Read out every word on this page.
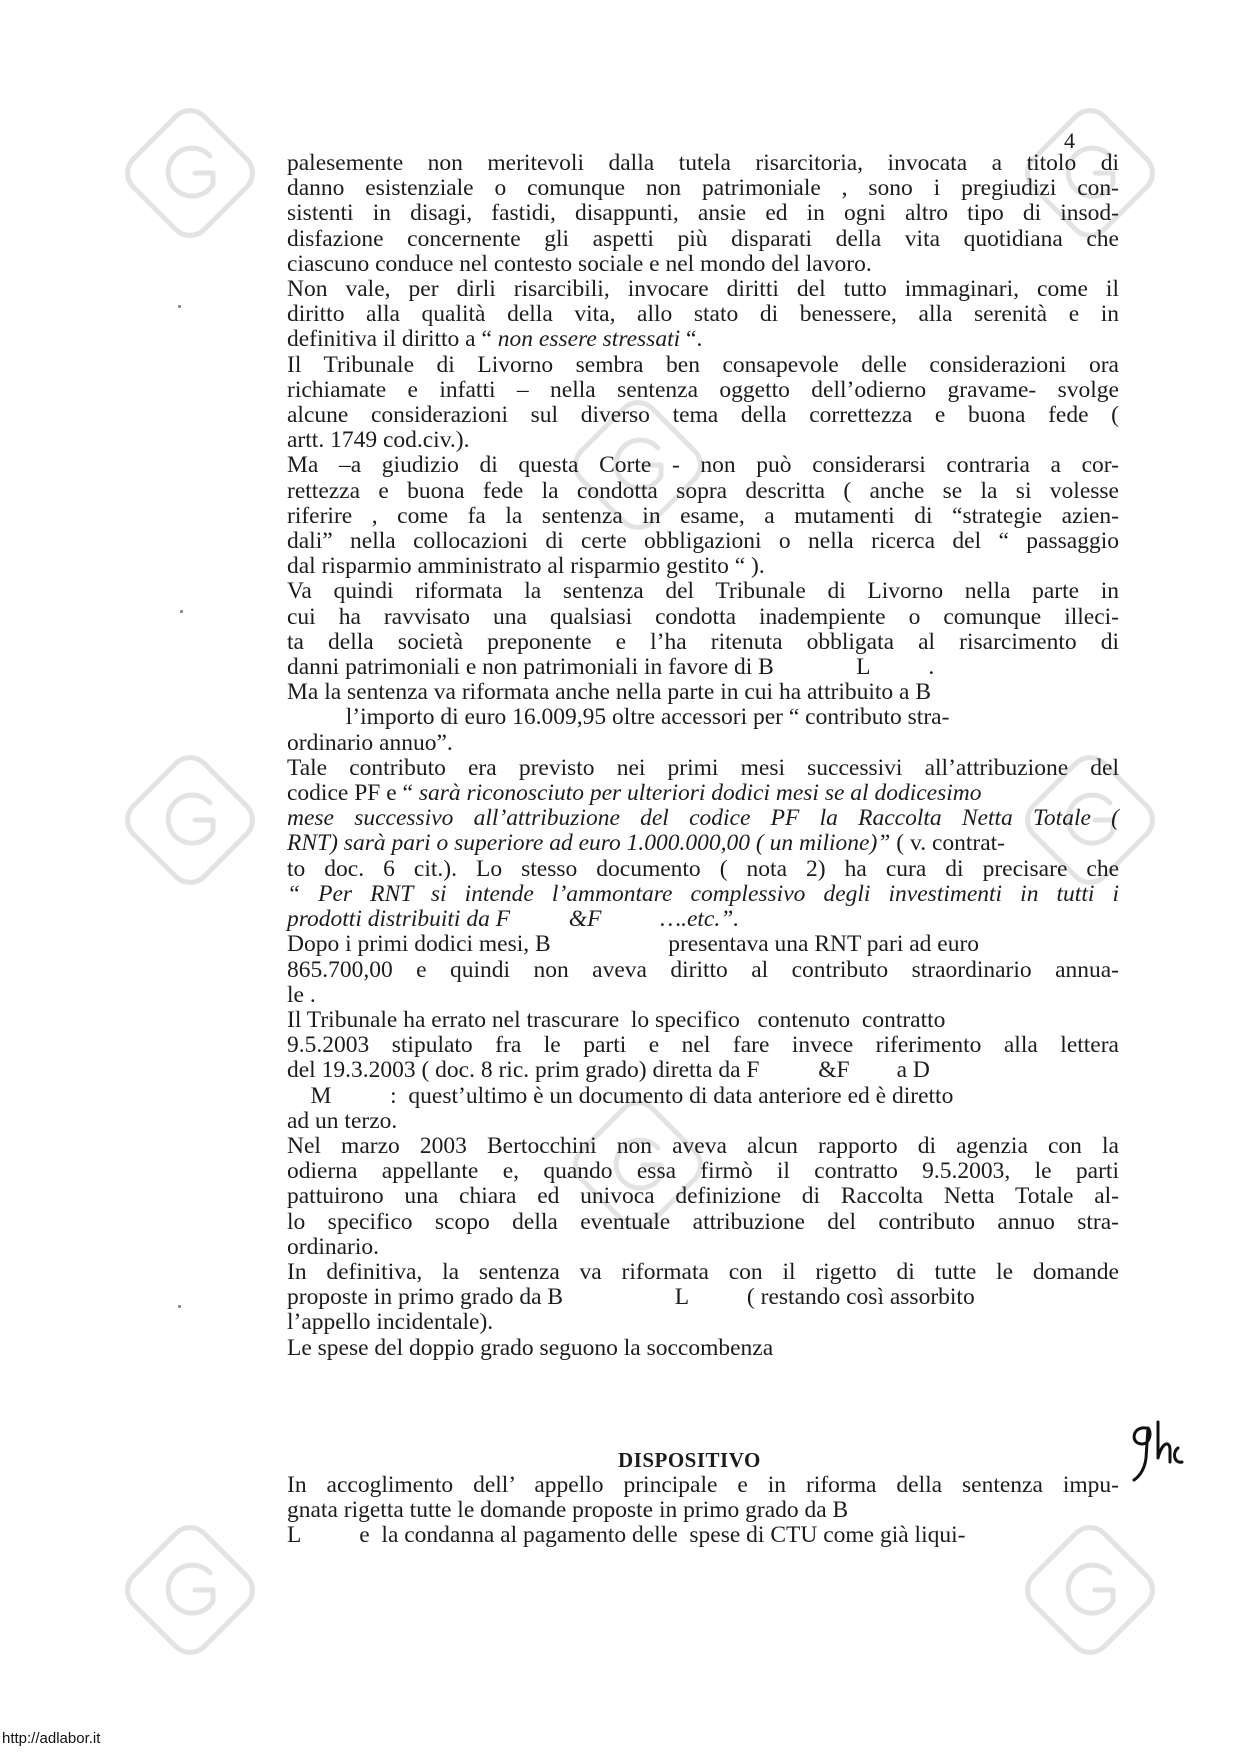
4

palesemente non meritevoli dalla tutela risarcitoria, invocata a titolo di
danno esistenziale o comunque non patrimoniale , sono i pregiudizi con-
sistenti in disagi, fastidi, disappunti, ansie ed in ogni altro tipo di insod-
disfazione concernente gli aspetti più disparati della vita quotidiana che
ciascuno conduce nel contesto sociale e nel mondo del lavoro.

Non vale, per dirli risarcibili, invocare diritti del tutto immaginari, come il
diritto alla qualità della vita, allo stato di benessere, alla serenità e in
definitiva il diritto a “ non essere stressati “.

Il Tribunale di Livorno sembra ben consapevole delle considerazioni ora
richiamate e infatti – nella sentenza oggetto dell’odierno gravame- svolge
alcune considerazioni sul diverso tema della correttezza e buona fede (
artt. 1749 cod.civ.).

Ma –a giudizio di questa Corte - non può considerarsi contraria a cor-
rettezza e buona fede la condotta sopra descritta ( anche se la si volesse
riferire , come fa la sentenza in esame, a mutamenti di “strategie azien-
dali” nella collocazioni di certe obbligazioni o nella ricerca del “ passaggio
dal risparmio amministrato al risparmio gestito “ ).

Va quindi riformata la sentenza del Tribunale di Livorno nella parte in
cui ha ravvisato una qualsiasi condotta inadempiente o comunque illeci-
ta della società preponente e l’ha ritenuta obbligata al risarcimento di
danni patrimoniali e non patrimoniali in favore di B              L          .

Ma la sentenza va riformata anche nella parte in cui ha attribuito a B
l’importo di euro 16.009,95 oltre accessori per “ contributo stra-
ordinario annuo”.

Tale contributo era previsto nei primi mesi successivi all’attribuzione del
codice PF e “ sarà riconosciuto per ulteriori dodici mesi se al dodicesimo
mese successivo all’attribuzione del codice PF la Raccolta Netta Totale (
RNT) sarà pari o superiore ad euro 1.000.000,00 ( un milione)” ( v. contrat-
to doc. 6 cit.). Lo stesso documento ( nota 2) ha cura di precisare che
“ Per RNT si intende l’ammontare complessivo degli investimenti in tutti i
prodotti distribuiti da F          &F          ….etc.”.

Dopo i primi dodici mesi, B                    presentava una RNT pari ad euro
865.700,00 e quindi non aveva diritto al contributo straordinario annua-
le .

Il Tribunale ha errato nel trascurare  lo specifico   contenuto  contratto
9.5.2003 stipulato fra le parti e nel fare invece riferimento alla lettera
del 19.3.2003 ( doc. 8 ric. prim grado) diretta da F          &F        a D
M          :  quest’ultimo è un documento di data anteriore ed è diretto
ad un terzo.

Nel marzo 2003 Bertocchini non aveva alcun rapporto di agenzia con la
odierna appellante e, quando essa firmò il contratto 9.5.2003, le parti
pattuirono una chiara ed univoca definizione di Raccolta Netta Totale al-
lo specifico scopo della eventuale attribuzione del contributo annuo stra-
ordinario.

In definitiva, la sentenza va riformata con il rigetto di tutte le domande
proposte in primo grado da B                   L          ( restando così assorbito
l’appello incidentale).

Le spese del doppio grado seguono la soccombenza

DISPOSITIVO
In accoglimento dell’ appello principale e in riforma della sentenza impu-
gnata rigetta tutte le domande proposte in primo grado da B
L          e  la condanna al pagamento delle  spese di CTU come già liqui-
http://adlabor.it
